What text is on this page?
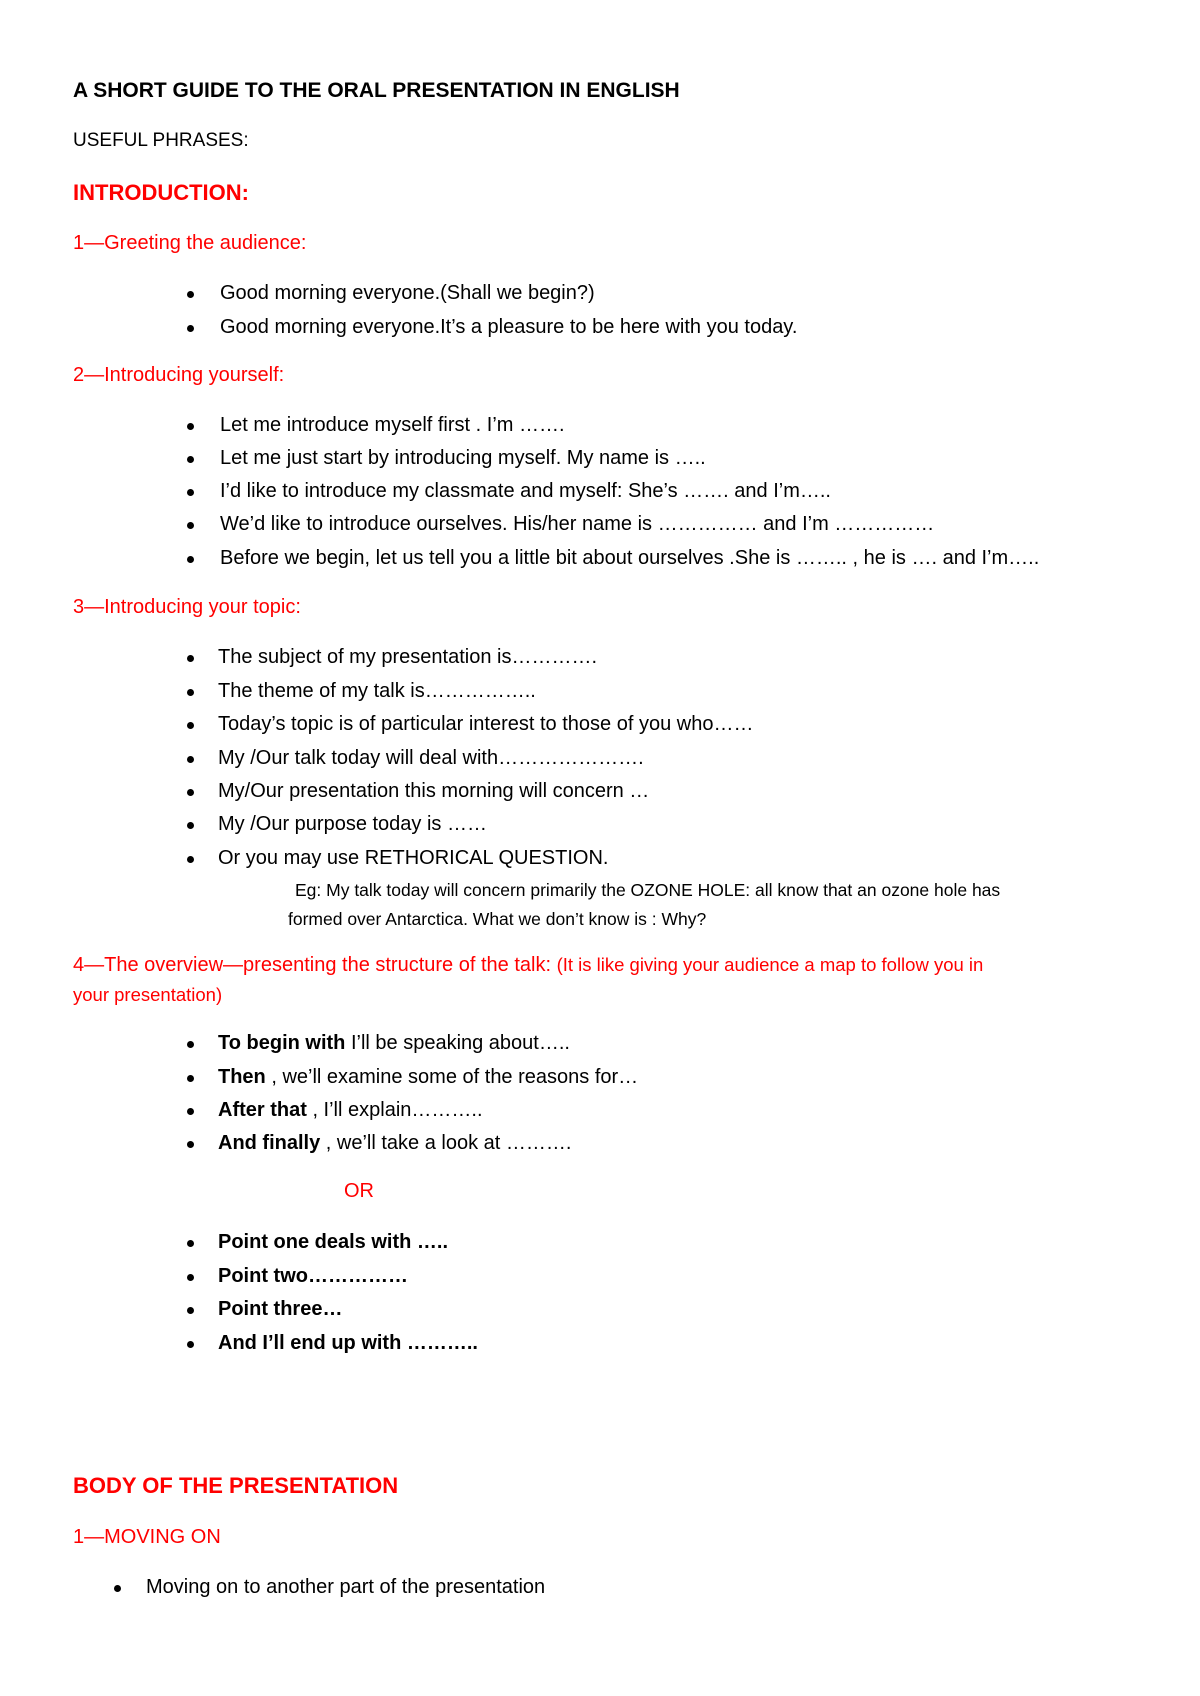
A SHORT GUIDE TO THE ORAL PRESENTATION IN ENGLISH
USEFUL PHRASES:
INTRODUCTION:
1—Greeting the audience:
Good morning everyone.(Shall we begin?)
Good morning everyone.It’s a pleasure to be here with you today.
2—Introducing yourself:
Let me introduce myself first . I’m …….
Let me just start by introducing myself. My name is …..
I’d like to introduce my classmate and myself: She’s ……. and I’m…..
We’d like to introduce ourselves. His/her name is …………… and I’m ……………
Before we begin, let us tell you a little bit about ourselves .She is …….. , he is …. and I’m…..
3—Introducing your topic:
The subject of my presentation is………….
The theme of my talk is……………..
Today’s topic is of particular interest to those of you who……
My /Our talk today will deal with………………….
My/Our presentation this morning will concern …
My /Our purpose today is ……
Or you may use RETHORICAL QUESTION.
Eg: My talk today will concern primarily the OZONE HOLE: all know that an ozone hole has
formed over Antarctica. What we don’t know is : Why?
4—The overview—presenting the structure of the talk: (It is like giving your audience a map to follow you in
your presentation)
To begin with I’ll be speaking about…..
Then , we’ll examine some of the reasons for…
After that , I’ll explain………..
And finally , we’ll take a look at ……….
OR
Point one deals with …..
Point two……………
Point three…
And I’ll end up with ………..
BODY OF THE PRESENTATION
1—MOVING ON
Moving on to another part of the presentation
